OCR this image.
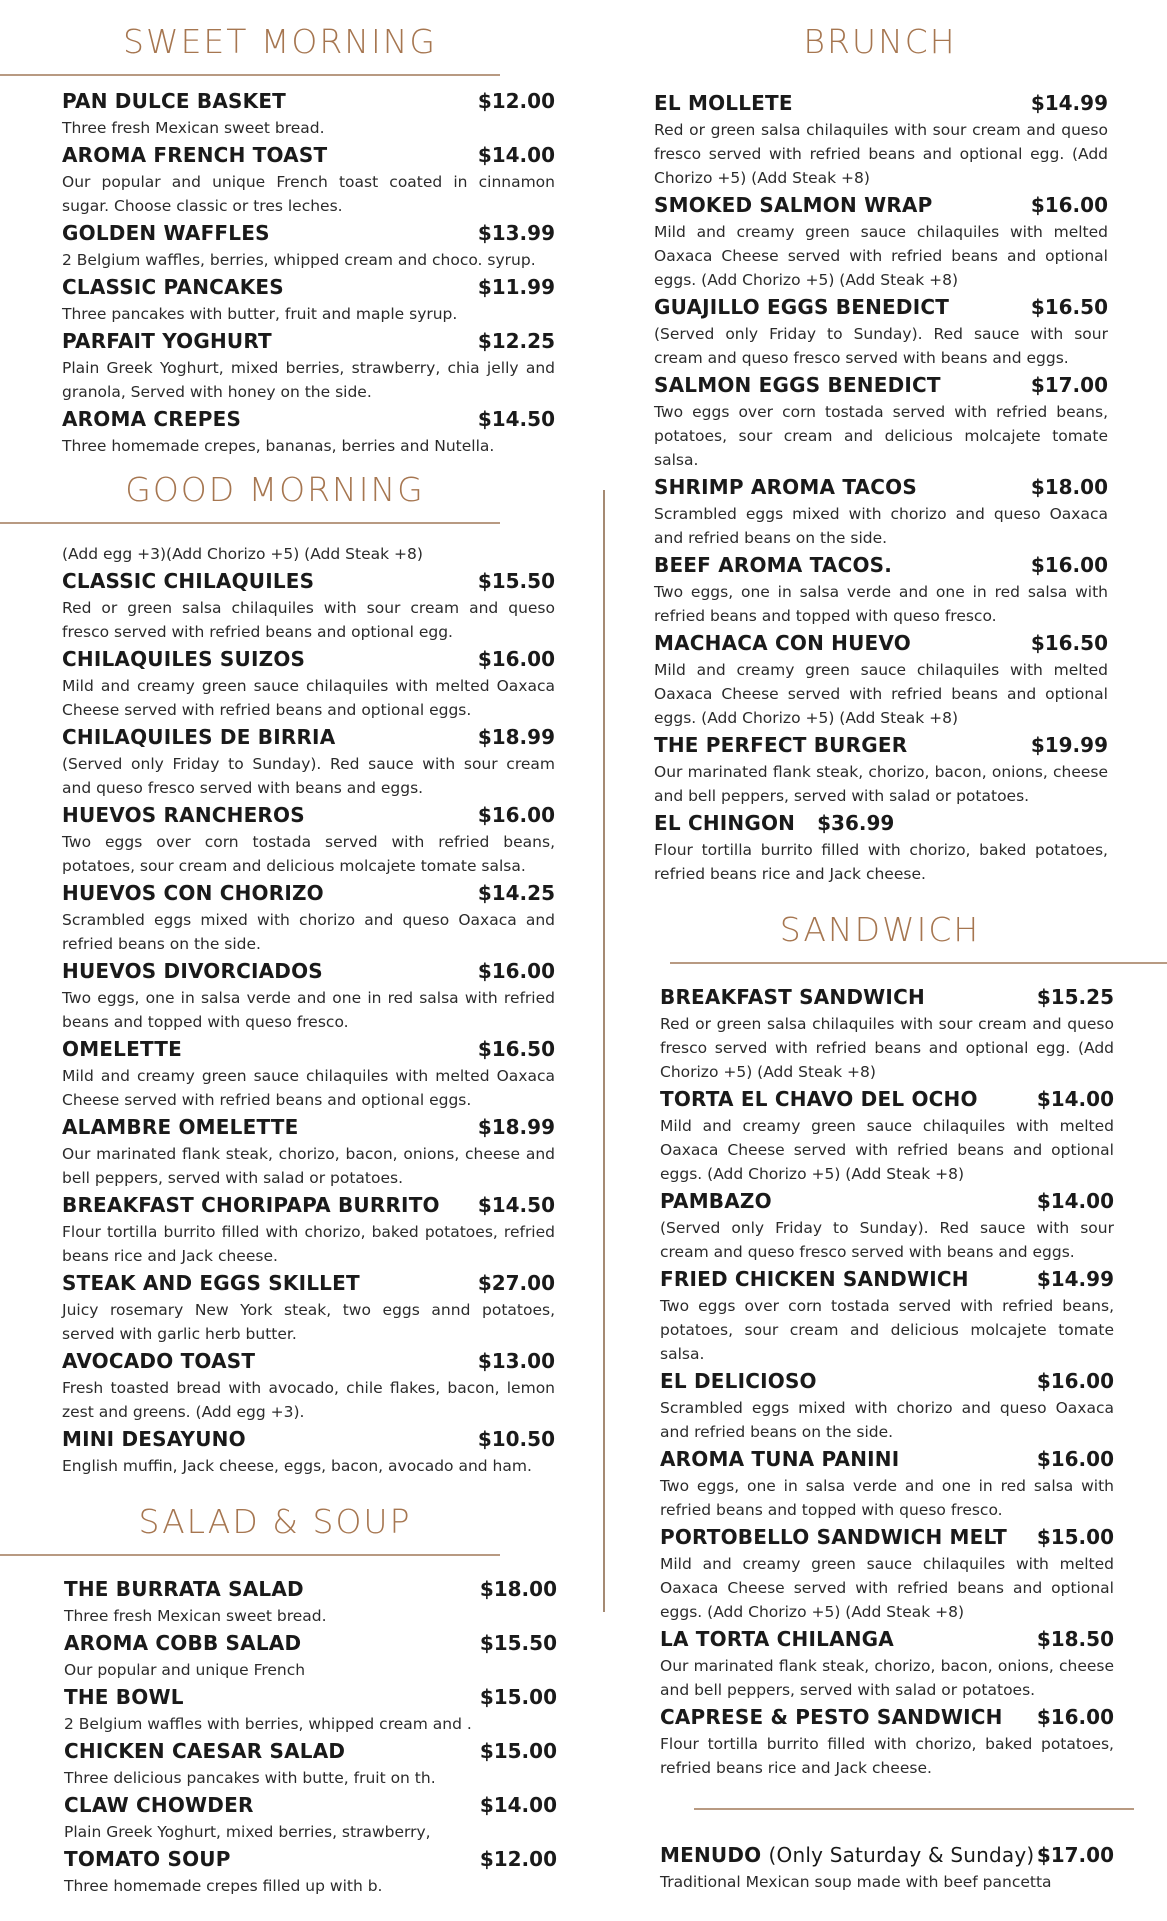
SWEET MORNING
PAN DULCE BASKET	$12.00
Three fresh Mexican sweet bread.
AROMA FRENCH TOAST	$14.00
Our popular and unique French toast coated in cinnamon sugar. Choose classic or tres leches.
GOLDEN WAFFLES	$13.99
2 Belgium waffles, berries, whipped cream and choco. syrup.
CLASSIC PANCAKES	$11.99
Three pancakes with butter, fruit and maple syrup.
PARFAIT YOGHURT	$12.25
Plain Greek Yoghurt, mixed berries, strawberry, chia jelly and granola, Served with honey on the side.
AROMA CREPES	$14.50
Three homemade crepes, bananas, berries and Nutella.
GOOD MORNING
(Add egg +3)(Add Chorizo +5) (Add Steak +8)
CLASSIC CHILAQUILES	$15.50
Red or green salsa chilaquiles with sour cream and queso fresco served with refried beans and optional egg.
CHILAQUILES SUIZOS	$16.00
Mild and creamy green sauce chilaquiles with melted Oaxaca Cheese served with refried beans and optional eggs.
CHILAQUILES DE BIRRIA	$18.99
(Served only Friday to Sunday). Red sauce with sour cream and queso fresco served with beans and eggs.
HUEVOS RANCHEROS	$16.00
Two eggs over corn tostada served with refried beans, potatoes, sour cream and delicious molcajete tomate salsa.
HUEVOS CON CHORIZO	$14.25
Scrambled eggs mixed with chorizo and queso Oaxaca and refried beans on the side.
HUEVOS DIVORCIADOS	$16.00
Two eggs, one in salsa verde and one in red salsa with refried beans and topped with queso fresco.
OMELETTE	$16.50
Mild and creamy green sauce chilaquiles with melted Oaxaca Cheese served with refried beans and optional eggs.
ALAMBRE OMELETTE	$18.99
Our marinated flank steak, chorizo, bacon, onions, cheese and bell peppers, served with salad or potatoes.
BREAKFAST CHORIPAPA BURRITO $14.50
Flour tortilla burrito filled with chorizo, baked potatoes, refried beans rice and Jack cheese.
STEAK AND EGGS SKILLET	$27.00
Juicy rosemary New York steak, two eggs annd potatoes, served with garlic herb butter.
AVOCADO TOAST	$13.00
Fresh toasted bread with avocado, chile flakes, bacon, lemon zest and greens. (Add egg +3).
MINI DESAYUNO	$10.50
English muffin, Jack cheese, eggs, bacon, avocado and ham.
SALAD & SOUP
THE BURRATA SALAD	$18.00
Three fresh Mexican sweet bread.
AROMA COBB SALAD	$15.50
Our popular and unique French
THE BOWL	$15.00
2 Belgium waffles with berries, whipped cream and .
CHICKEN CAESAR SALAD	$15.00
Three delicious pancakes with butte, fruit on th.
CLAW CHOWDER	$14.00
Plain Greek Yoghurt, mixed berries, strawberry,
TOMATO SOUP	$12.00
Three homemade crepes filled up with b.
BRUNCH
EL MOLLETE	$14.99
Red or green salsa chilaquiles with sour cream and queso fresco served with refried beans and optional egg. (Add Chorizo +5) (Add Steak +8)
SMOKED SALMON WRAP	$16.00
Mild and creamy green sauce chilaquiles with melted Oaxaca Cheese served with refried beans and optional eggs. (Add Chorizo +5) (Add Steak +8)
GUAJILLO EGGS BENEDICT	$16.50
(Served only Friday to Sunday). Red sauce with sour cream and queso fresco served with beans and eggs.
SALMON EGGS BENEDICT	$17.00
Two eggs over corn tostada served with refried beans, potatoes, sour cream and delicious molcajete tomate salsa.
SHRIMP AROMA TACOS	$18.00
Scrambled eggs mixed with chorizo and queso Oaxaca and refried beans on the side.
BEEF AROMA TACOS.	$16.00
Two eggs, one in salsa verde and one in red salsa with refried beans and topped with queso fresco.
MACHACA CON HUEVO	$16.50
Mild and creamy green sauce chilaquiles with melted Oaxaca Cheese served with refried beans and optional eggs. (Add Chorizo +5) (Add Steak +8)
THE PERFECT BURGER	$19.99
Our marinated flank steak, chorizo, bacon, onions, cheese and bell peppers, served with salad or potatoes.
EL CHINGON $36.99
Flour tortilla burrito filled with chorizo, baked potatoes, refried beans rice and Jack cheese.
SANDWICH
BREAKFAST SANDWICH	$15.25
Red or green salsa chilaquiles with sour cream and queso fresco served with refried beans and optional egg. (Add Chorizo +5) (Add Steak +8)
TORTA EL CHAVO DEL OCHO	$14.00
Mild and creamy green sauce chilaquiles with melted Oaxaca Cheese served with refried beans and optional eggs. (Add Chorizo +5) (Add Steak +8)
PAMBAZO	$14.00
(Served only Friday to Sunday). Red sauce with sour cream and queso fresco served with beans and eggs.
FRIED CHICKEN SANDWICH	$14.99
Two eggs over corn tostada served with refried beans, potatoes, sour cream and delicious molcajete tomate salsa.
EL DELICIOSO	$16.00
Scrambled eggs mixed with chorizo and queso Oaxaca and refried beans on the side.
AROMA TUNA PANINI	$16.00
Two eggs, one in salsa verde and one in red salsa with refried beans and topped with queso fresco.
PORTOBELLO SANDWICH MELT $15.00
Mild and creamy green sauce chilaquiles with melted Oaxaca Cheese served with refried beans and optional eggs. (Add Chorizo +5) (Add Steak +8)
LA TORTA CHILANGA	$18.50
Our marinated flank steak, chorizo, bacon, onions, cheese and bell peppers, served with salad or potatoes.
CAPRESE & PESTO SANDWICH $16.00
Flour tortilla burrito filled with chorizo, baked potatoes, refried beans rice and Jack cheese.
MENUDO (Only Saturday & Sunday) $17.00
Traditional Mexican soup made with beef pancetta
